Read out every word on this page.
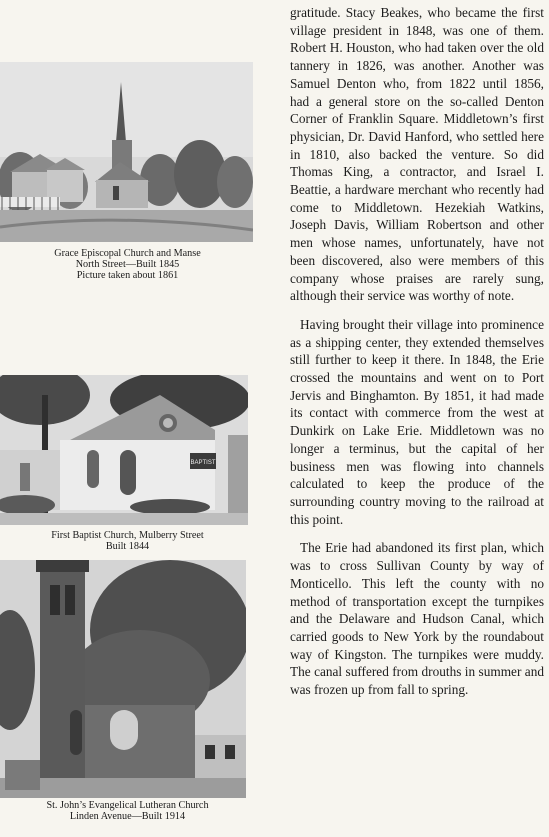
Grace Episcopal Church and Manse
North Street—Built 1845
Picture taken about 1861
BAPTIST
First Baptist Church, Mulberry Street
Built 1844
St. John’s Evangelical Lutheran Church
Linden Avenue—Built 1914

gratitude. Stacy Beakes, who became the first village president in 1848, was one of them. Robert H. Houston, who had taken over the old tannery in 1826, was another. Another was Samuel Denton who, from 1822 until 1856, had a general store on the so-called Denton Corner of Franklin Square. Middletown’s first physician, Dr. David Hanford, who settled here in 1810, also backed the venture. So did Thomas King, a contractor, and Israel I. Beattie, a hardware merchant who recently had come to Middletown. Hezekiah Watkins, Joseph Davis, William Robertson and other men whose names, unfortunately, have not been discovered, also were members of this company whose praises are rarely sung, although their service was worthy of note.

Having brought their village into prominence as a shipping center, they extended themselves still further to keep it there. In 1848, the Erie crossed the mountains and went on to Port Jervis and Binghamton. By 1851, it had made its contact with commerce from the west at Dunkirk on Lake Erie. Middletown was no longer a terminus, but the capital of her business men was flowing into channels calculated to keep the produce of the surrounding country moving to the railroad at this point.

The Erie had abandoned its first plan, which was to cross Sullivan County by way of Monticello. This left the county with no method of transportation except the turnpikes and the Delaware and Hudson Canal, which carried goods to New York by the roundabout way of Kingston. The turnpikes were muddy. The canal suffered from drouths in summer and was frozen up from fall to spring.
